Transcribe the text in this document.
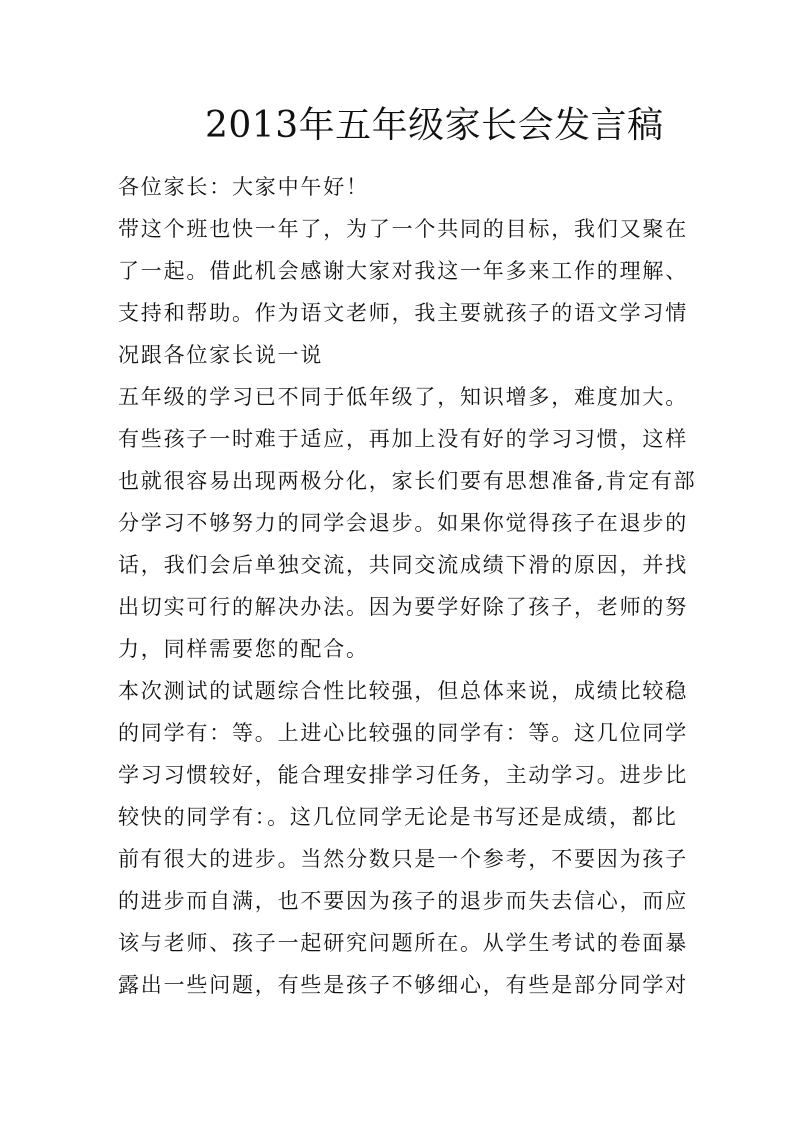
2013年五年级家长会发言稿

各位家长：大家中午好！

带这个班也快一年了，为了一个共同的目标，我们又聚在
了一起。借此机会感谢大家对我这一年多来工作的理解、
支持和帮助。作为语文老师，我主要就孩子的语文学习情
况跟各位家长说一说

五年级的学习已不同于低年级了，知识增多，难度加大。
有些孩子一时难于适应，再加上没有好的学习习惯，这样
也就很容易出现两极分化，家长们要有思想准备,肯定有部
分学习不够努力的同学会退步。如果你觉得孩子在退步的
话，我们会后单独交流，共同交流成绩下滑的原因，并找
出切实可行的解决办法。因为要学好除了孩子，老师的努
力，同样需要您的配合。

本次测试的试题综合性比较强，但总体来说，成绩比较稳
的同学有：等。上进心比较强的同学有：等。这几位同学
学习习惯较好，能合理安排学习任务，主动学习。进步比
较快的同学有：。这几位同学无论是书写还是成绩，都比
前有很大的进步。当然分数只是一个参考，不要因为孩子
的进步而自满，也不要因为孩子的退步而失去信心，而应
该与老师、孩子一起研究问题所在。从学生考试的卷面暴
露出一些问题，有些是孩子不够细心，有些是部分同学对
